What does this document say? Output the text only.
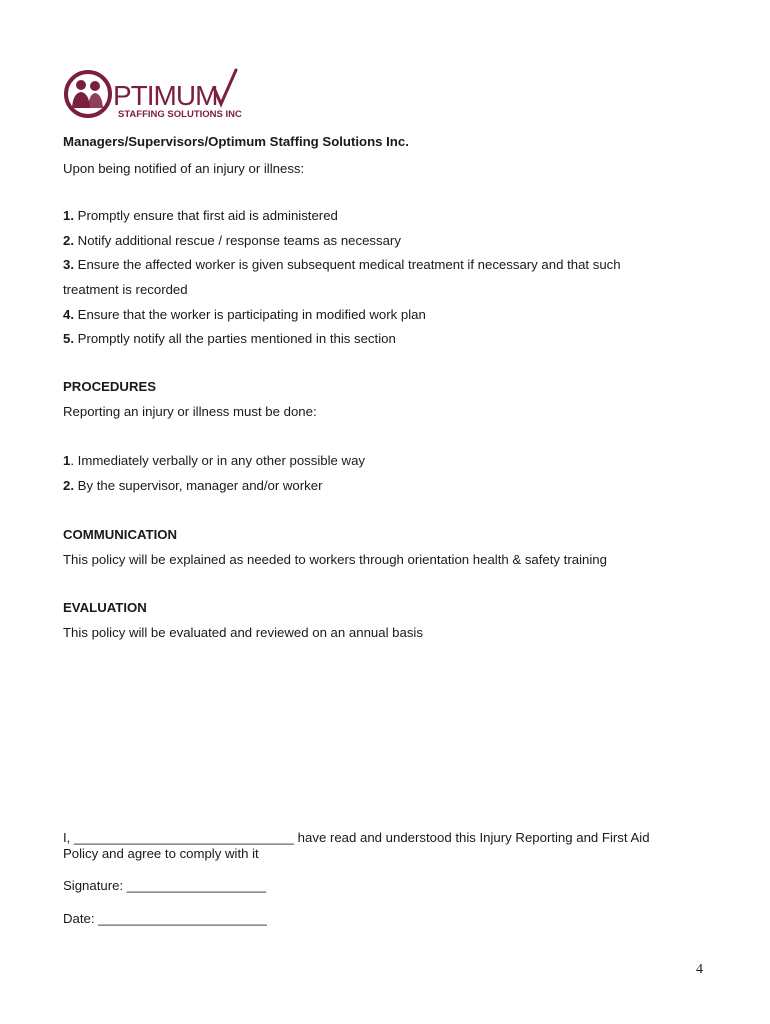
PTIMUM
STAFFING SOLUTIONS INC
Managers/Supervisors/Optimum Staffing Solutions Inc.
Upon being notified of an injury or illness:
1. Promptly ensure that first aid is administered
2. Notify additional rescue / response teams as necessary
3. Ensure the affected worker is given subsequent medical treatment if necessary and that such
treatment is recorded
4. Ensure that the worker is participating in modified work plan
5. Promptly notify all the parties mentioned in this section
PROCEDURES
Reporting an injury or illness must be done:
1. Immediately verbally or in any other possible way
2. By the supervisor, manager and/or worker
COMMUNICATION
This policy will be explained as needed to workers through orientation health & safety training
EVALUATION
This policy will be evaluated and reviewed on an annual basis
I, ______________________________ have read and understood this Injury Reporting and First Aid
Policy and agree to comply with it
Signature: ___________________
Date: _______________________
4
